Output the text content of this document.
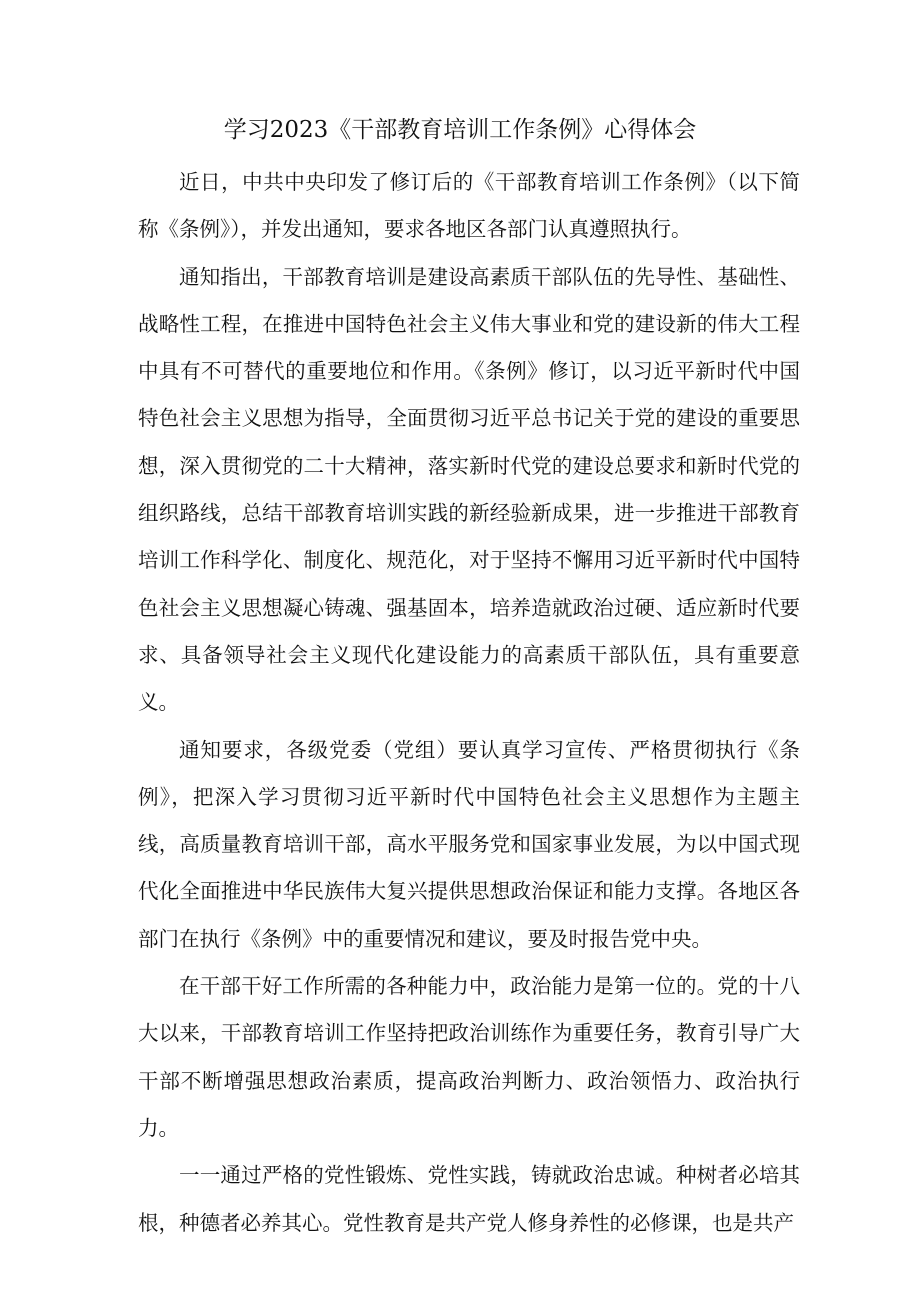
学习2023《干部教育培训工作条例》心得体会

近日，中共中央印发了修订后的《干部教育培训工作条例》（以下简称《条例》），并发出通知，要求各地区各部门认真遵照执行。

通知指出，干部教育培训是建设高素质干部队伍的先导性、基础性、战略性工程，在推进中国特色社会主义伟大事业和党的建设新的伟大工程中具有不可替代的重要地位和作用。《条例》修订，以习近平新时代中国特色社会主义思想为指导，全面贯彻习近平总书记关于党的建设的重要思想，深入贯彻党的二十大精神，落实新时代党的建设总要求和新时代党的组织路线，总结干部教育培训实践的新经验新成果，进一步推进干部教育培训工作科学化、制度化、规范化，对于坚持不懈用习近平新时代中国特色社会主义思想凝心铸魂、强基固本，培养造就政治过硬、适应新时代要求、具备领导社会主义现代化建设能力的高素质干部队伍，具有重要意义。

通知要求，各级党委（党组）要认真学习宣传、严格贯彻执行《条例》，把深入学习贯彻习近平新时代中国特色社会主义思想作为主题主线，高质量教育培训干部，高水平服务党和国家事业发展，为以中国式现代化全面推进中华民族伟大复兴提供思想政治保证和能力支撑。各地区各部门在执行《条例》中的重要情况和建议，要及时报告党中央。

在干部干好工作所需的各种能力中，政治能力是第一位的。党的十八大以来，干部教育培训工作坚持把政治训练作为重要任务，教育引导广大干部不断增强思想政治素质，提高政治判断力、政治领悟力、政治执行力。

一一通过严格的党性锻炼、党性实践，铸就政治忠诚。种树者必培其根，种德者必养其心。党性教育是共产党人修身养性的必修课，也是共产
